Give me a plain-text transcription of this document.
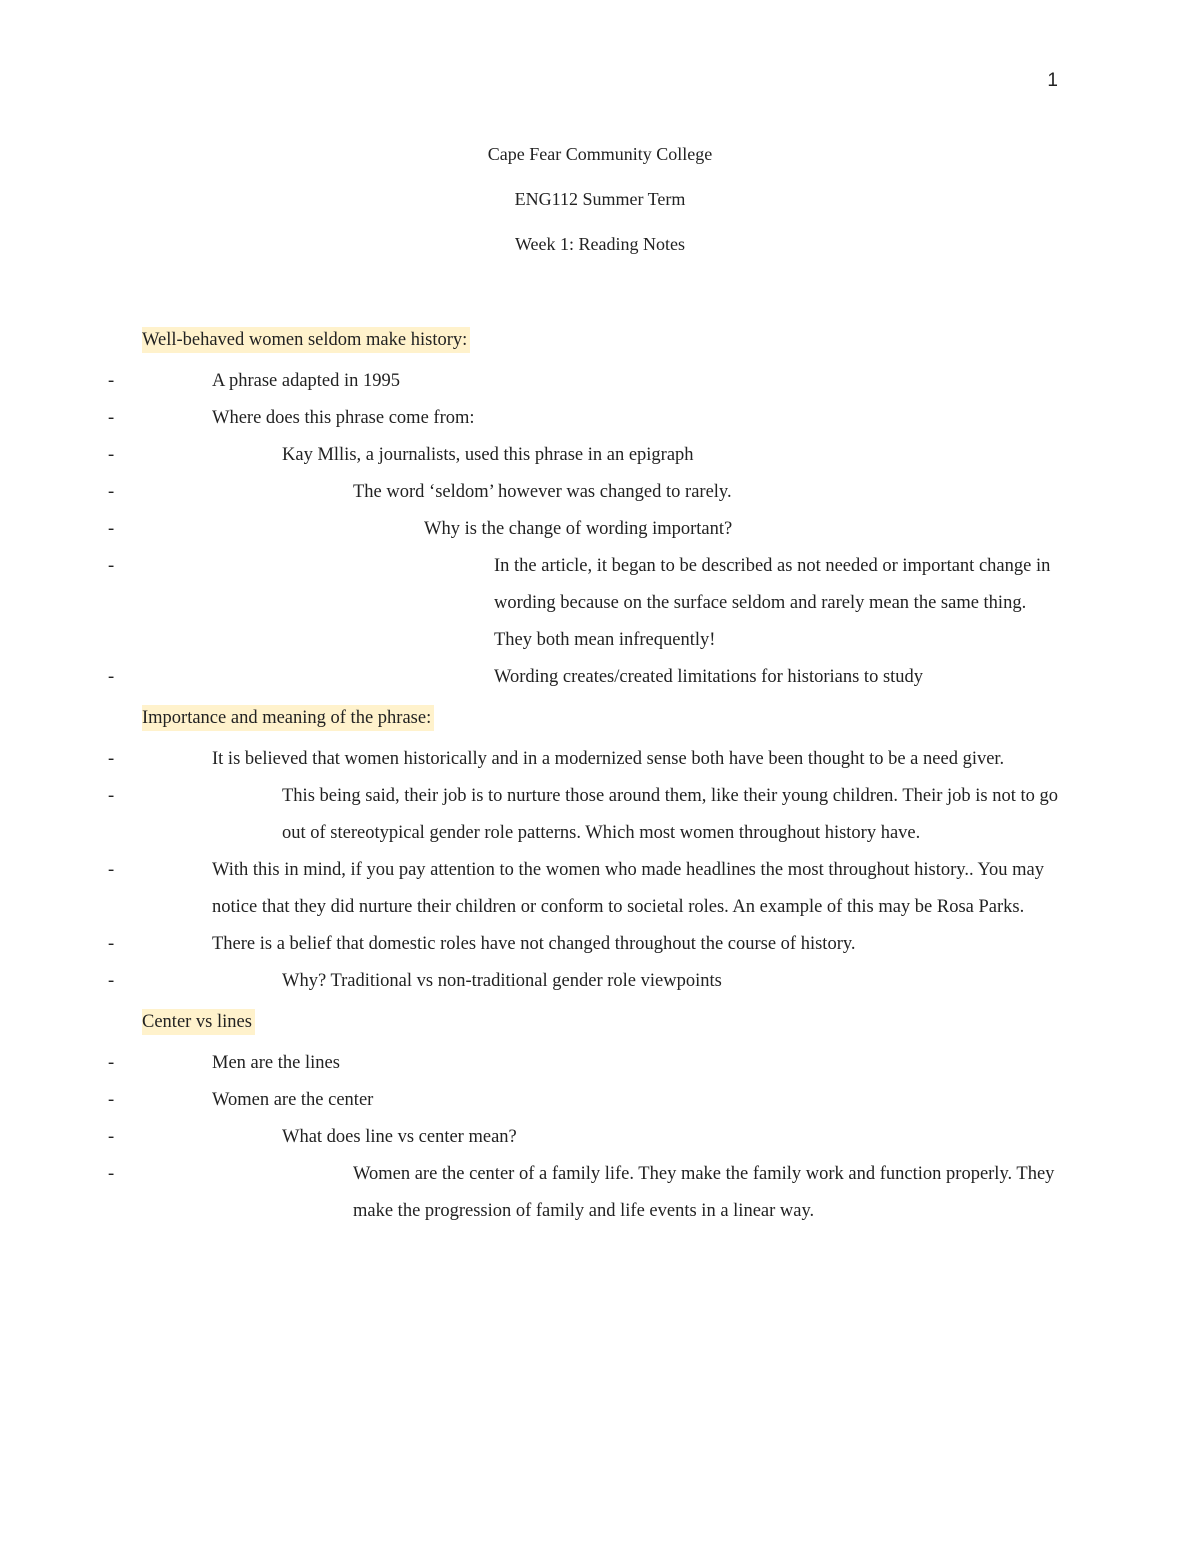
1
Cape Fear Community College
ENG112 Summer Term
Week 1: Reading Notes
Well-behaved women seldom make history:
-	A phrase adapted in 1995
-	Where does this phrase come from:
-	Kay Mllis, a journalists, used this phrase in an epigraph
-	The word ‘seldom’ however was changed to rarely.
-	Why is the change of wording important?
-	In the article, it began to be described as not needed or important change in wording because on the surface seldom and rarely mean the same thing. They both mean infrequently!
-	Wording creates/created limitations for historians to study
Importance and meaning of the phrase:
-	It is believed that women historically and in a modernized sense both have been thought to be a need giver.
-	This being said, their job is to nurture those around them, like their young children. Their job is not to go out of stereotypical gender role patterns. Which most women throughout history have.
-	With this in mind, if you pay attention to the women who made headlines the most throughout history.. You may notice that they did nurture their children or conform to societal roles. An example of this may be Rosa Parks.
-	There is a belief that domestic roles have not changed throughout the course of history.
-	Why? Traditional vs non-traditional gender role viewpoints
Center vs lines
-	Men are the lines
-	Women are the center
-	What does line vs center mean?
-	Women are the center of a family life. They make the family work and function properly. They make the progression of family and life events in a linear way.
